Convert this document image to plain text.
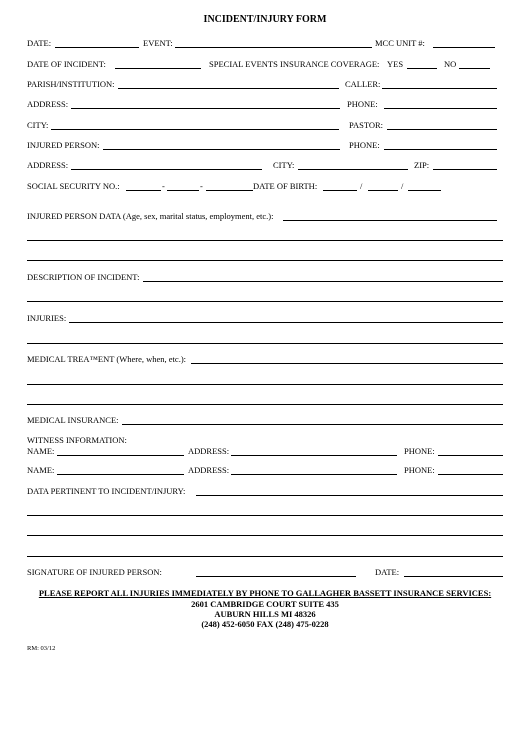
INCIDENT/INJURY FORM
DATE:	EVENT:	MCC UNIT #:
DATE OF INCIDENT:	SPECIAL EVENTS INSURANCE COVERAGE: YES	NO
PARISH/INSTITUTION:	CALLER:
ADDRESS:	PHONE:
CITY:	PASTOR:
INJURED PERSON:	PHONE:
ADDRESS:	CITY:	ZIP:
SOCIAL SECURITY NO.:	-	-	DATE OF BIRTH:	/	/
INJURED PERSON DATA (Age, sex, marital status, employment, etc.):
DESCRIPTION OF INCIDENT:
INJURIES:
MEDICAL TREA™ENT (Where, when, etc.):
MEDICAL INSURANCE:
WITNESS INFORMATION:
NAME:	ADDRESS:	PHONE:
NAME:	ADDRESS:	PHONE:
DATA PERTINENT TO INCIDENT/INJURY:
SIGNATURE OF INJURED PERSON:	DATE:
PLEASE REPORT ALL INJURIES IMMEDIATELY BY PHONE TO GALLAGHER BASSETT INSURANCE SERVICES:
2601 CAMBRIDGE COURT SUITE 435
AUBURN HILLS MI 48326
(248) 452-6050 FAX (248) 475-0228
RM: 03/12
